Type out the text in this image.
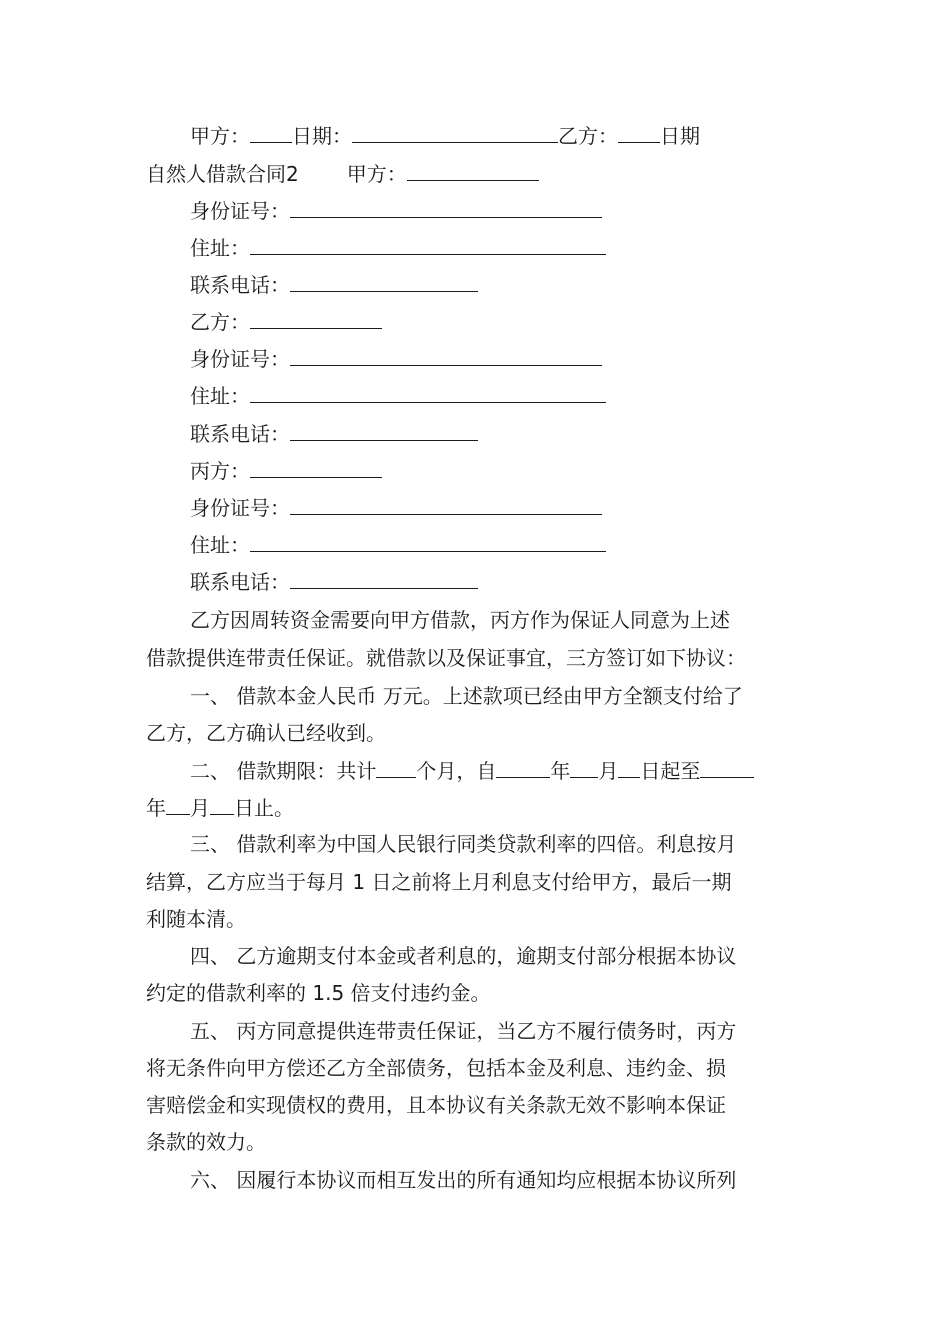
甲方： 日期：	乙方： 日期
自然人借款合同2 甲方：
身份证号：
住址：
联系电话：
乙方：
身份证号：
住址：
联系电话：
丙方：
身份证号：
住址：
联系电话：
乙方因周转资金需要向甲方借款，丙方作为保证人同意为上述
借款提供连带责任保证。就借款以及保证事宜，三方签订如下协议：
一、 借款本金人民币 万元。上述款项已经由甲方全额支付给了
乙方，乙方确认已经收到。
二、 借款期限：共计 个月，自	年 月 日起至
年 月 日止。
三、 借款利率为中国人民银行同类贷款利率的四倍。利息按月
结算，乙方应当于每月 1 日之前将上月利息支付给甲方，最后一期
利随本清。
四、 乙方逾期支付本金或者利息的，逾期支付部分根据本协议
约定的借款利率的 1.5 倍支付违约金。
五、 丙方同意提供连带责任保证，当乙方不履行债务时，丙方
将无条件向甲方偿还乙方全部债务，包括本金及利息、违约金、损
害赔偿金和实现债权的费用，且本协议有关条款无效不影响本保证
条款的效力。
六、 因履行本协议而相互发出的所有通知均应根据本协议所列
